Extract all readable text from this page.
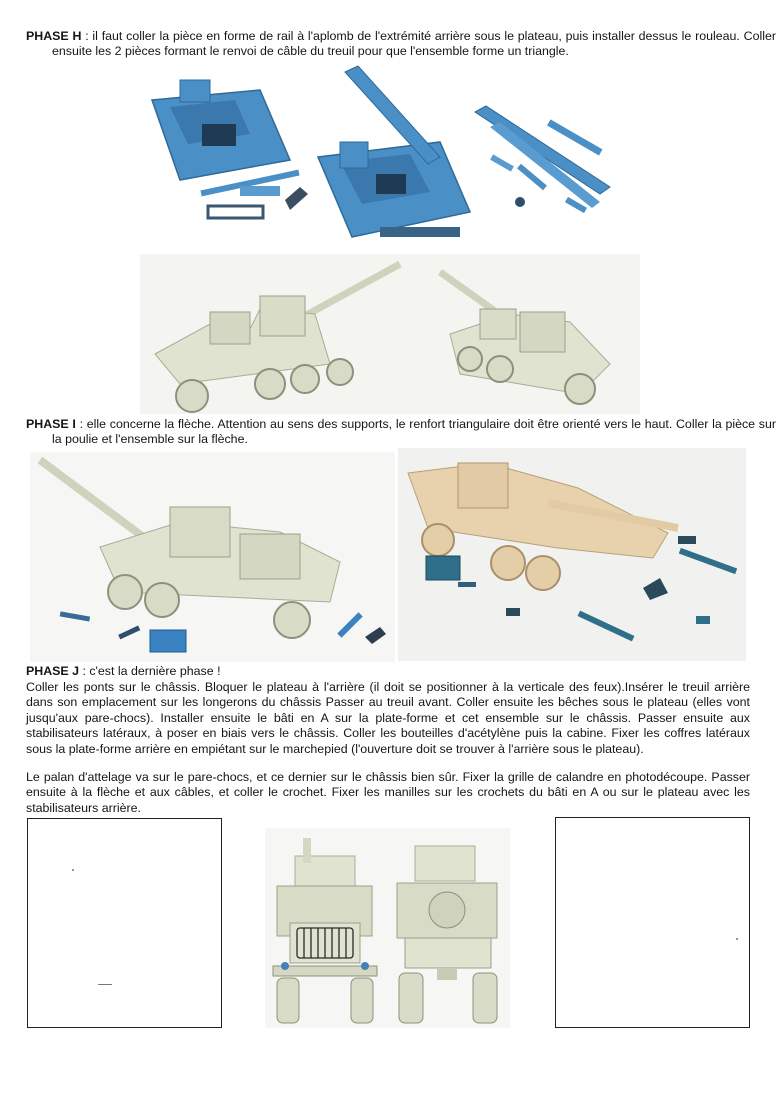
PHASE H : il faut coller la pièce en forme de rail à l'aplomb de l'extrémité arrière sous le plateau, puis installer dessus le rouleau. Coller ensuite les 2 pièces formant le renvoi de câble du treuil pour que l'ensemble forme un triangle.
PHASE I : elle concerne la flèche. Attention au sens des supports, le renfort triangulaire doit être orienté vers le haut. Coller la pièce sur la poulie et l'ensemble sur la flèche.
PHASE J : c'est la dernière phase !
Coller les ponts sur le châssis. Bloquer le plateau à l'arrière (il doit se positionner à la verticale des feux).Insérer le treuil arrière dans son emplacement sur les longerons du châssis Passer au treuil avant. Coller ensuite les bêches sous le plateau (elles vont jusqu'aux pare-chocs). Installer ensuite le bâti en A sur la plate-forme et cet ensemble sur le châssis. Passer ensuite aux stabilisateurs latéraux, à poser en biais vers le châssis. Coller les bouteilles d'acétylène puis la cabine. Fixer les coffres latéraux sous la plate-forme arrière en empiétant sur le marchepied (l'ouverture doit se trouver à l'arrière sous le plateau).
Le palan d'attelage va sur le pare-chocs, et ce dernier sur le châssis bien sûr. Fixer la grille de calandre en photodécoupe. Passer ensuite à la flèche et aux câbles, et coller le crochet. Fixer les manilles sur les crochets du bâti en A ou sur le plateau avec les stabilisateurs arrière.
